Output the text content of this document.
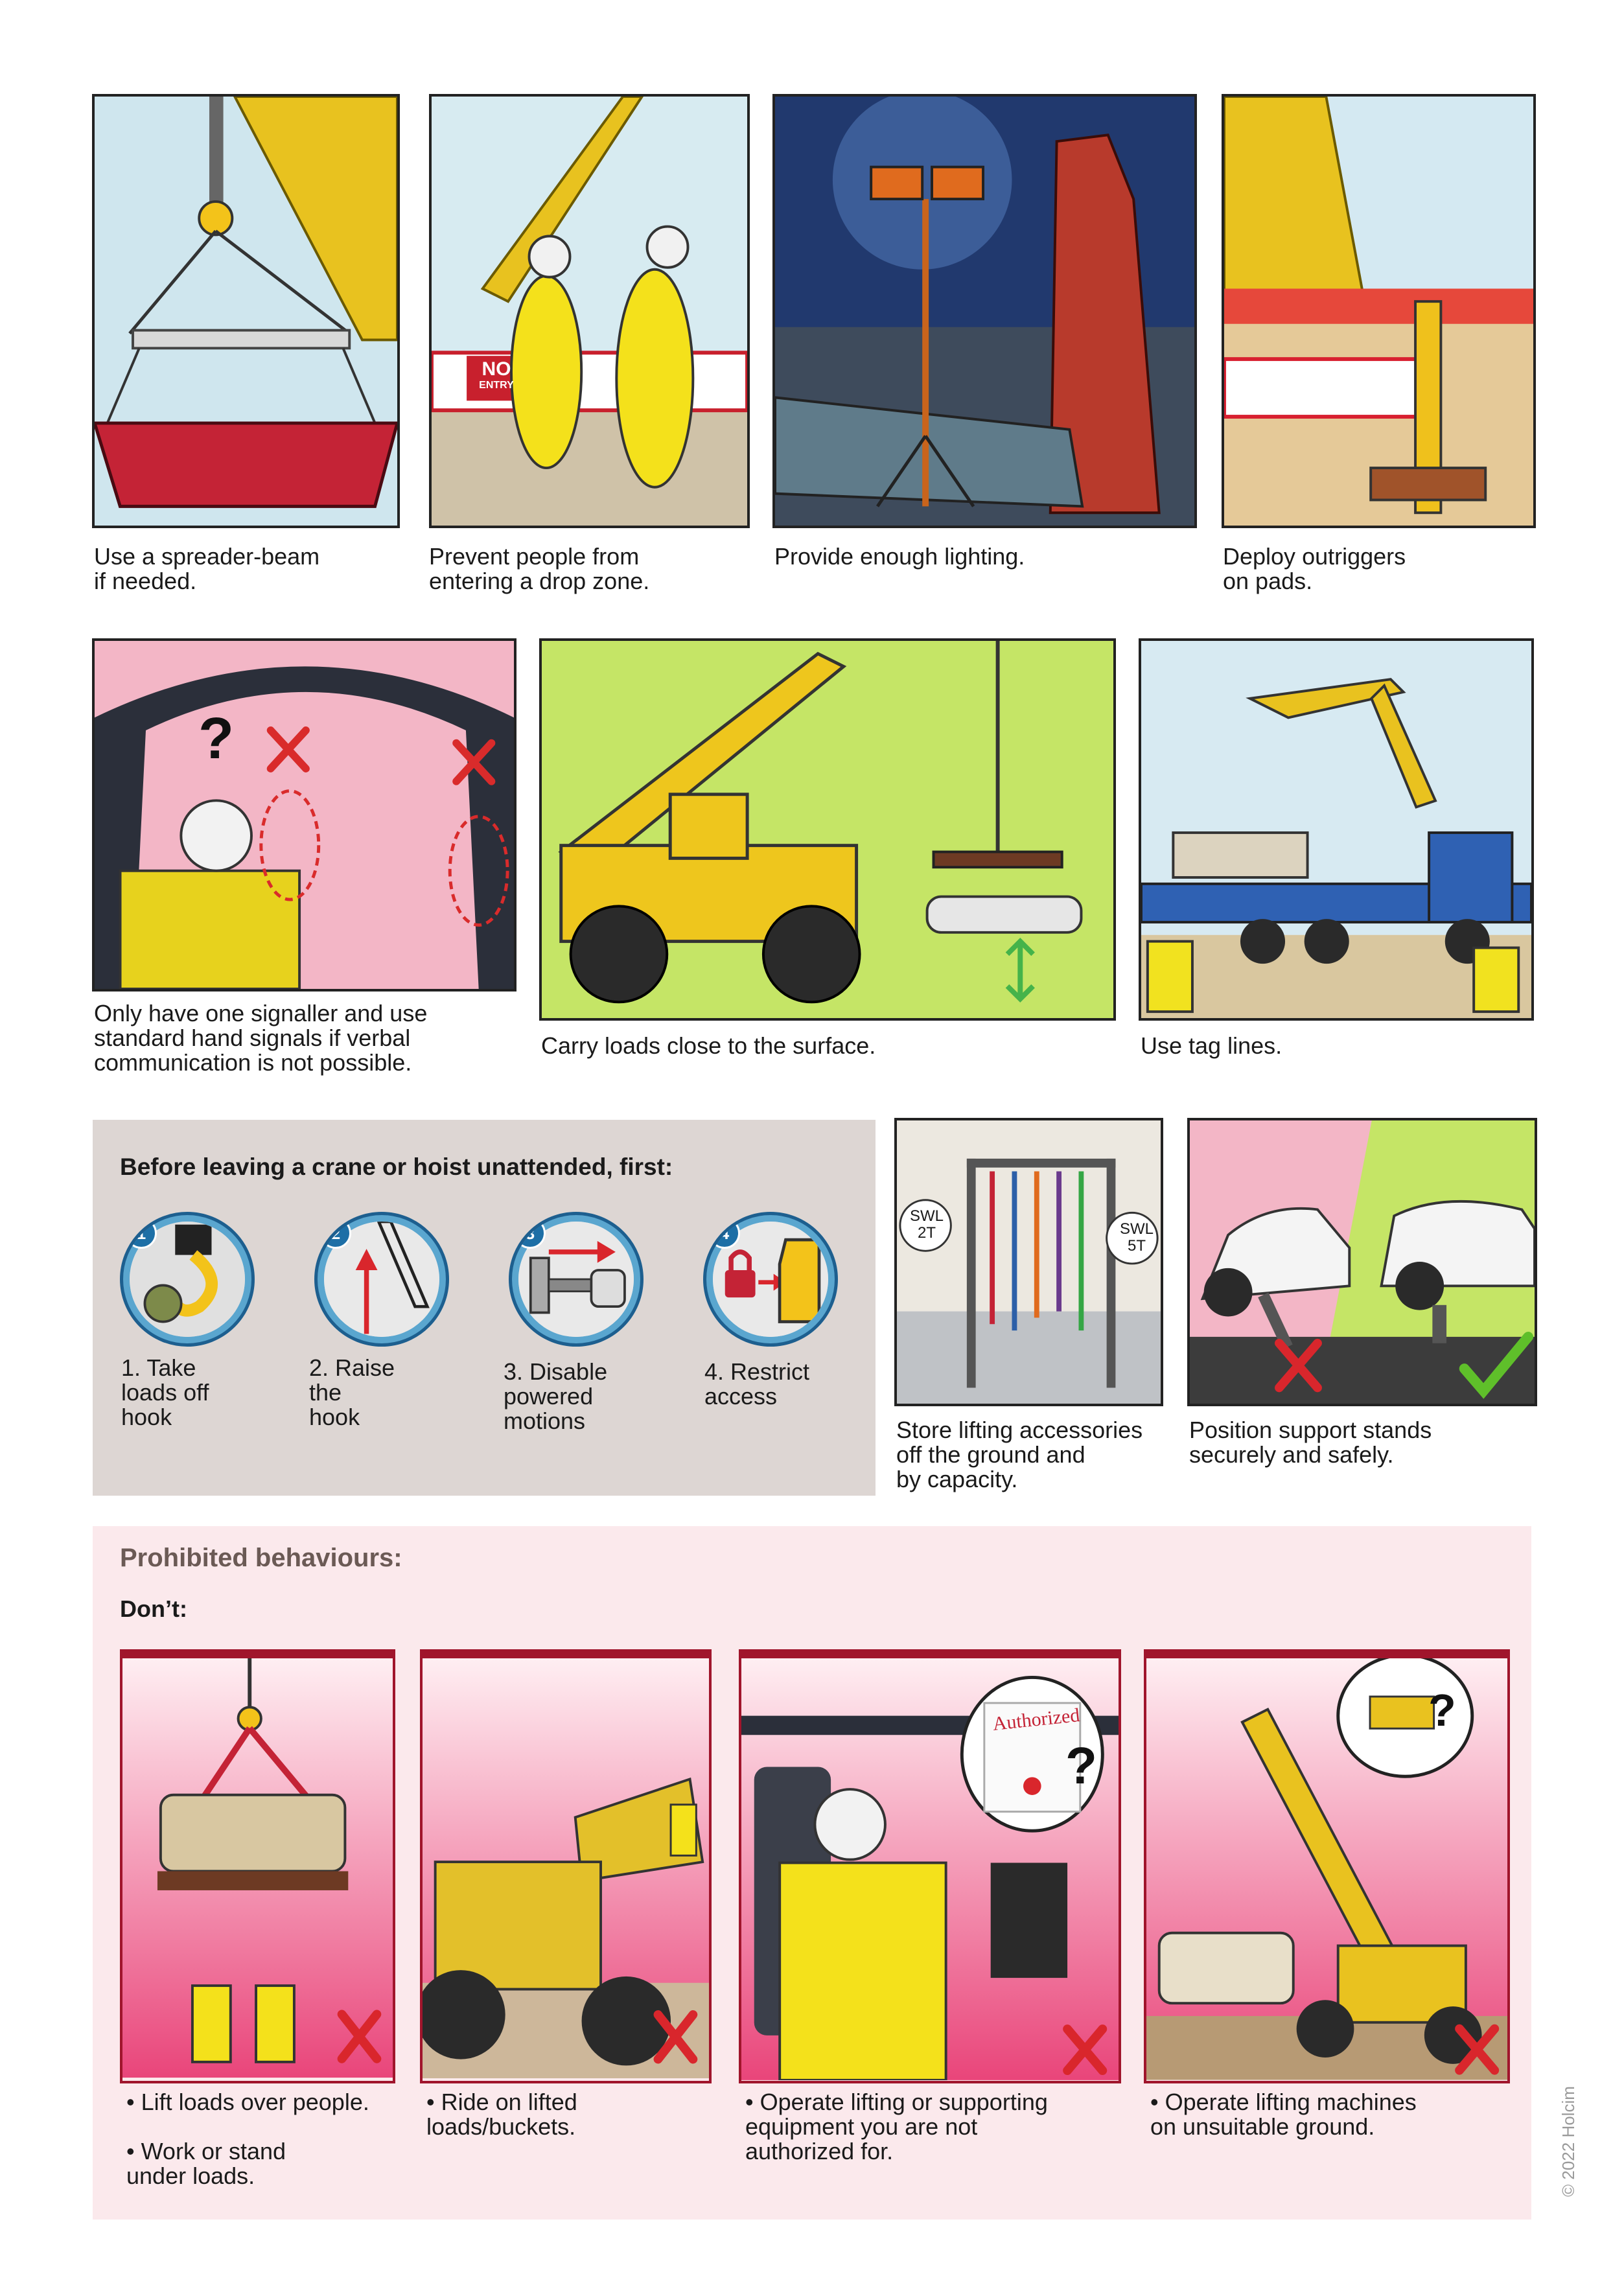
Use a spreader-beam
if needed.
NO
ENTRY
Prevent people from
entering a drop zone.
Provide enough lighting.	Deploy outriggers
on pads.
?
Only have one signaller and use
standard hand signals if verbal
communication is not possible.
Carry loads close to the surface.	Use tag lines.
Before leaving a crane or hoist unattended, first:
1
1. Take
loads off
hook
2
2. Raise
the
hook
3
3. Disable
powered
motions
4
4. Restrict
access
SWL
2T	SWL
5T
Store lifting accessories
off the ground and
by capacity.
Position support stands
securely and safely.
Prohibited behaviours:
Don’t:
• Lift loads over people.

• Work or stand
under loads.
• Ride on lifted
loads/buckets.
Authorized
?
• Operate lifting or supporting
equipment you are not
authorized for.
?
• Operate lifting machines
on unsuitable ground.	© 2022 Holcim
